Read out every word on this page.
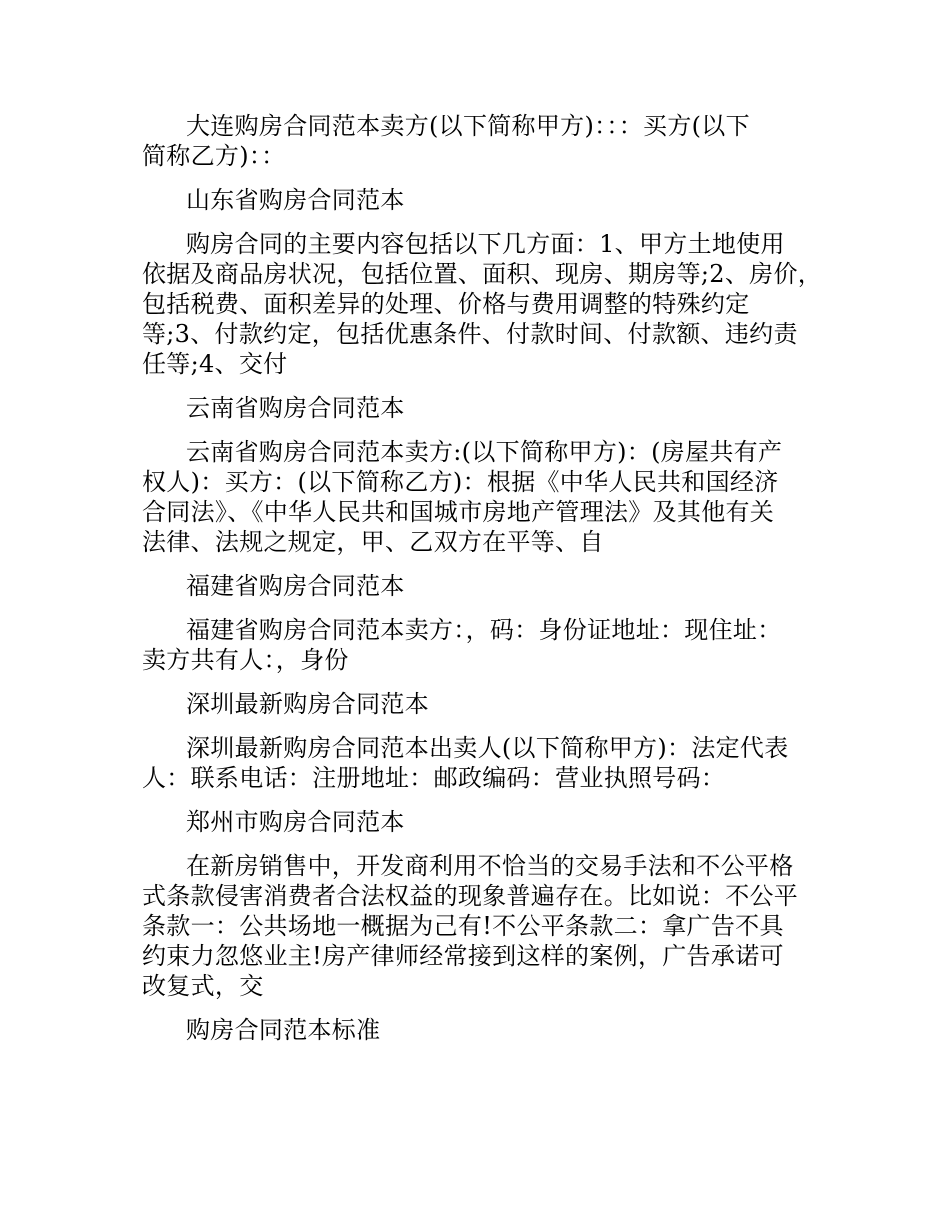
大连购房合同范本卖方(以下简称甲方)：：：买方(以下
简称乙方)：：
山东省购房合同范本
购房合同的主要内容包括以下几方面：1、甲方土地使用
依据及商品房状况，包括位置、面积、现房、期房等;2、房价，
包括税费、面积差异的处理、价格与费用调整的特殊约定
等;3、付款约定，包括优惠条件、付款时间、付款额、违约责
任等;4、交付
云南省购房合同范本
云南省购房合同范本卖方:(以下简称甲方)：(房屋共有产
权人)：买方：(以下简称乙方)：根据《中华人民共和国经济
合同法》、《中华人民共和国城市房地产管理法》及其他有关
法律、法规之规定，甲、乙双方在平等、自
福建省购房合同范本
福建省购房合同范本卖方：，码：身份证地址：现住址：
卖方共有人：，身份
深圳最新购房合同范本
深圳最新购房合同范本出卖人(以下简称甲方)：法定代表
人：联系电话：注册地址：邮政编码：营业执照号码：
郑州市购房合同范本
在新房销售中，开发商利用不恰当的交易手法和不公平格
式条款侵害消费者合法权益的现象普遍存在。比如说：不公平
条款一：公共场地一概据为己有!不公平条款二：拿广告不具
约束力忽悠业主!房产律师经常接到这样的案例，广告承诺可
改复式，交
购房合同范本标准
